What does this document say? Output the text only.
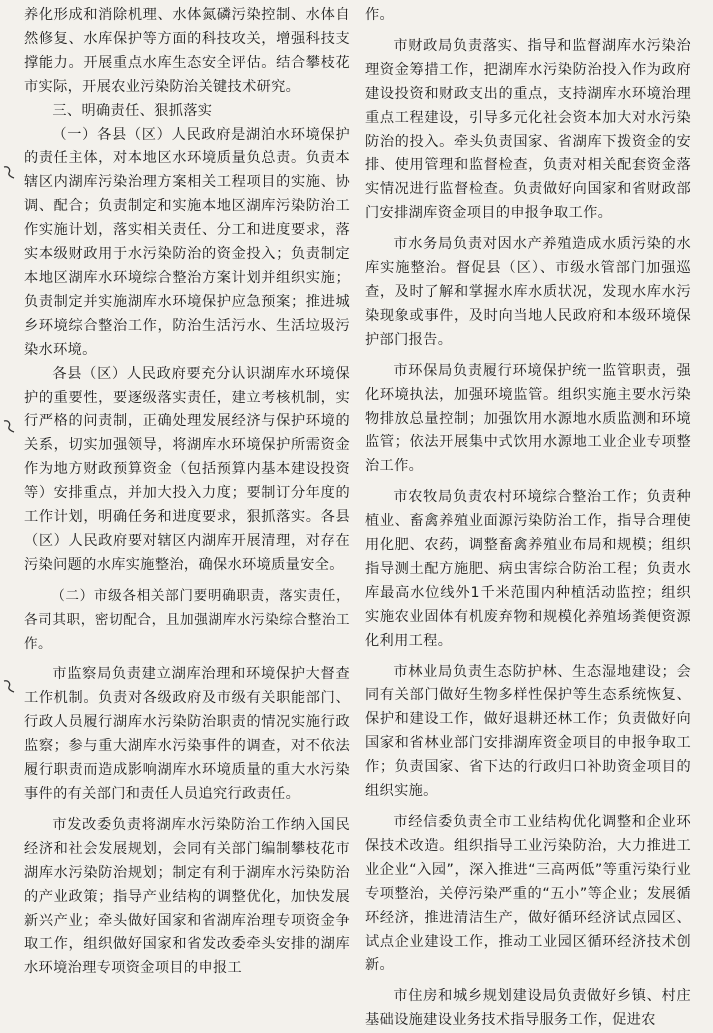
养化形成和消除机理、水体氮磷污染控制、水体自然修复、水库保护等方面的科技攻关，增强科技支撑能力。开展重点水库生态安全评估。结合攀枝花市实际，开展农业污染防治关键技术研究。

三、明确责任、狠抓落实

（一）各县（区）人民政府是湖泊水环境保护的责任主体，对本地区水环境质量负总责。负责本辖区内湖库污染治理方案相关工程项目的实施、协调、配合；负责制定和实施本地区湖库污染防治工作实施计划，落实相关责任、分工和进度要求，落实本级财政用于水污染防治的资金投入；负责制定本地区湖库水环境综合整治方案计划并组织实施；负责制定并实施湖库水环境保护应急预案；推进城乡环境综合整治工作，防治生活污水、生活垃圾污染水环境。

各县（区）人民政府要充分认识湖库水环境保护的重要性，要逐级落实责任，建立考核机制，实行严格的问责制，正确处理发展经济与保护环境的关系，切实加强领导，将湖库水环境保护所需资金作为地方财政预算资金（包括预算内基本建设投资等）安排重点，并加大投入力度；要制订分年度的工作计划，明确任务和进度要求，狠抓落实。各县（区）人民政府要对辖区内湖库开展清理，对存在污染问题的水库实施整治，确保水环境质量安全。

（二）市级各相关部门要明确职责，落实责任，各司其职，密切配合，且加强湖库水污染综合整治工作。

市监察局负责建立湖库治理和环境保护大督查工作机制。负责对各级政府及市级有关职能部门、行政人员履行湖库水污染防治职责的情况实施行政监察；参与重大湖库水污染事件的调查，对不依法履行职责而造成影响湖库水环境质量的重大水污染事件的有关部门和责任人员追究行政责任。

市发改委负责将湖库水污染防治工作纳入国民经济和社会发展规划，会同有关部门编制攀枝花市湖库水污染防治规划；制定有利于湖库水污染防治的产业政策；指导产业结构的调整优化，加快发展新兴产业；牵头做好国家和省湖库治理专项资金争取工作，组织做好国家和省发改委牵头安排的湖库水环境治理专项资金项目的申报工

作。

市财政局负责落实、指导和监督湖库水污染治理资金筹措工作，把湖库水污染防治投入作为政府建设投资和财政支出的重点，支持湖库水环境治理重点工程建设，引导多元化社会资本加大对水污染防治的投入。牵头负责国家、省湖库下拨资金的安排、使用管理和监督检查，负责对相关配套资金落实情况进行监督检查。负责做好向国家和省财政部门安排湖库资金项目的申报争取工作。

市水务局负责对因水产养殖造成水质污染的水库实施整治。督促县（区）、市级水管部门加强巡查，及时了解和掌握水库水质状况，发现水库水污染现象或事件，及时向当地人民政府和本级环境保护部门报告。

市环保局负责履行环境保护统一监管职责，强化环境执法，加强环境监管。组织实施主要水污染物排放总量控制；加强饮用水源地水质监测和环境监管；依法开展集中式饮用水源地工业企业专项整治工作。

市农牧局负责农村环境综合整治工作；负责种植业、畜禽养殖业面源污染防治工作，指导合理使用化肥、农药，调整畜禽养殖业布局和规模；组织指导测土配方施肥、病虫害综合防治工程；负责水库最高水位线外1千米范围内种植活动监控；组织实施农业固体有机废弃物和规模化养殖场粪便资源化利用工程。

市林业局负责生态防护林、生态湿地建设；会同有关部门做好生物多样性保护等生态系统恢复、保护和建设工作，做好退耕还林工作；负责做好向国家和省林业部门安排湖库资金项目的申报争取工作；负责国家、省下达的行政归口补助资金项目的组织实施。

市经信委负责全市工业结构优化调整和企业环保技术改造。组织指导工业污染防治，大力推进工业企业“入园”，深入推进“三高两低”等重污染行业专项整治，关停污染严重的“五小”等企业；发展循环经济，推进清洁生产，做好循环经济试点园区、试点企业建设工作，推动工业园区循环经济技术创新。

市住房和城乡规划建设局负责做好乡镇、村庄基础设施建设业务技术指导服务工作，促进农
